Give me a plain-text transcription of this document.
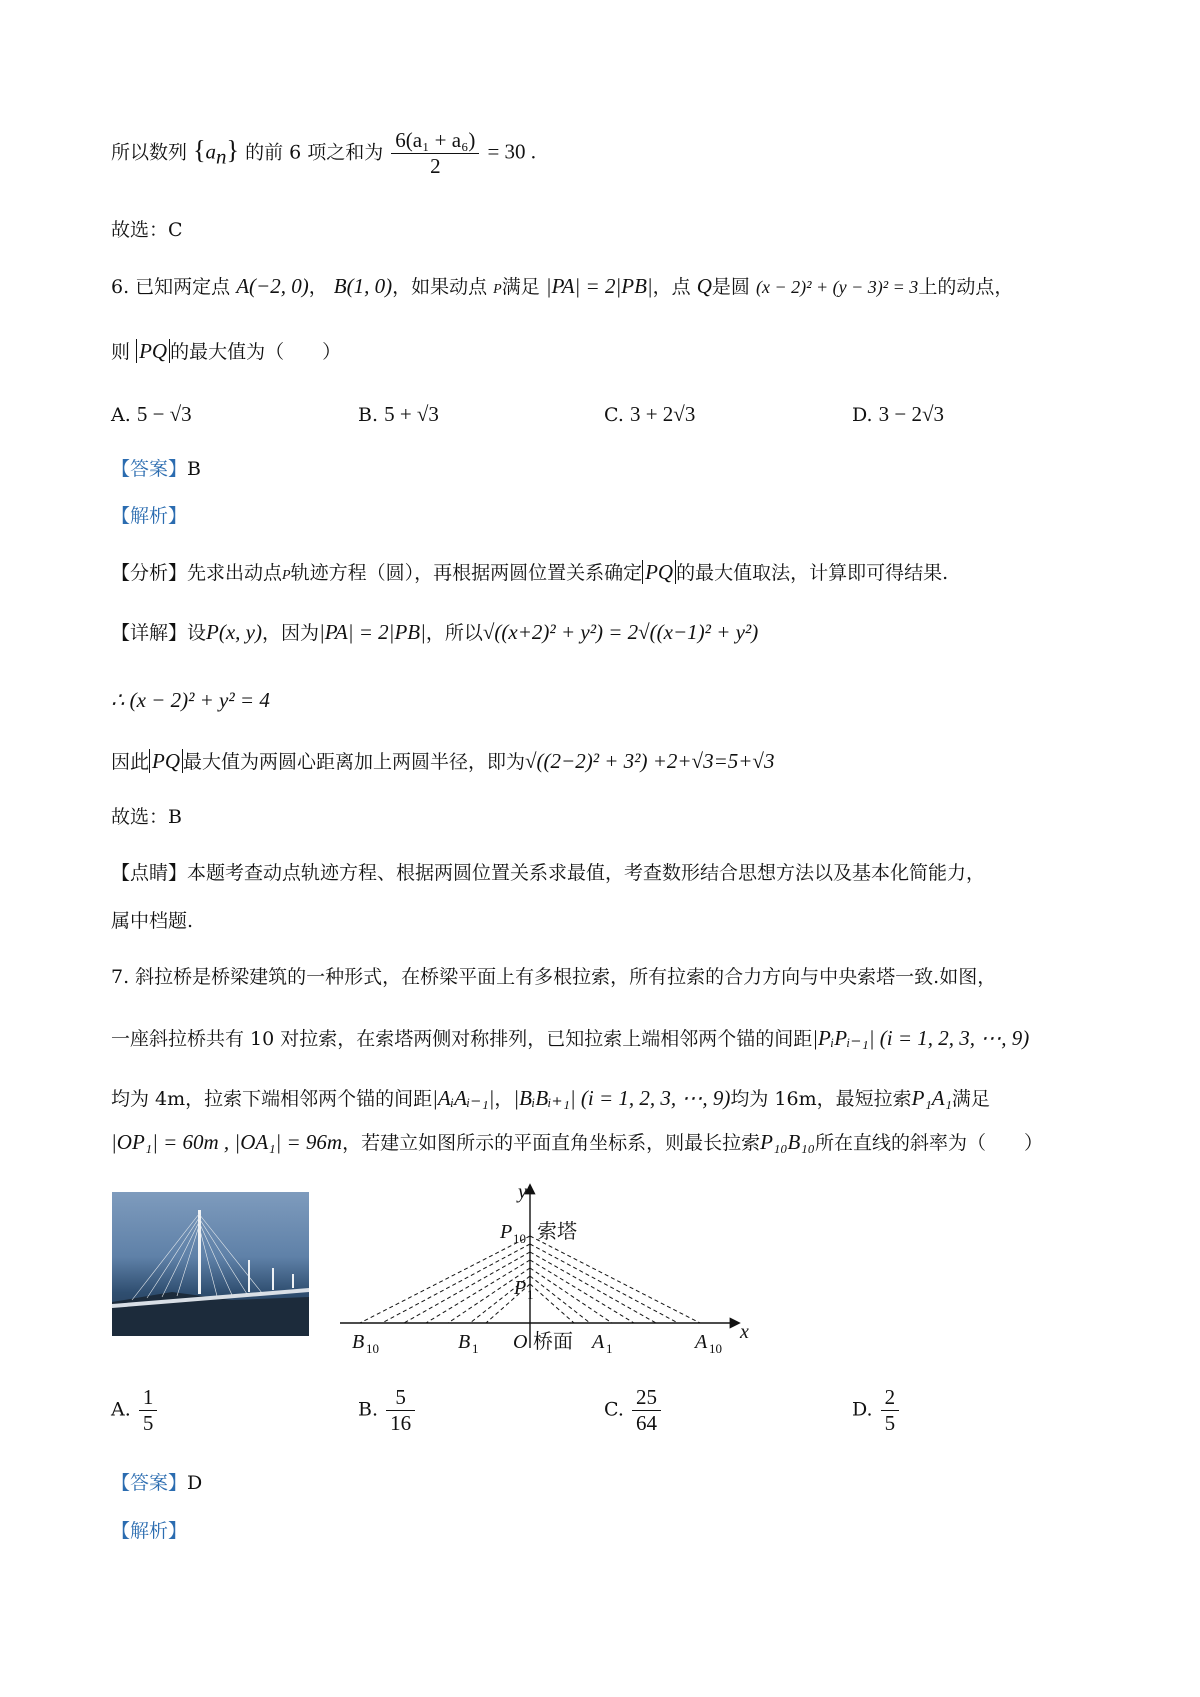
所以数列 $\{a_n\}$ 的前 6 项之和为 $\frac{\text{6(a₁ + a₆)}}{2} = 30$ .
故选：C
6. 已知两定点 A(−2, 0)， B(1, 0)，如果动点 P满足 |PA| = 2|PB|，点 Q是圆 (x − 2)² + (y − 3)² = 3上的动点，
则 PQ 的最大值为（　　）
A. 5 − √3	B. 5 + √3	C. 3 + 2√3	D. 3 − 2√3
【答案】B
【解析】
【分析】先求出动点P轨迹方程（圆），再根据两圆位置关系确定 PQ 的最大值取法，计算即可得结果.
【详解】设P(x, y)，因为|PA| = 2|PB|，所以√((x+2)² + y²) = 2√((x−1)² + y²)
∴ (x − 2)² + y² = 4
因此 PQ 最大值为两圆心距离加上两圆半径，即为√((2−2)² + 3²) +2+√3=5+√3
故选：B
【点睛】本题考查动点轨迹方程、根据两圆位置关系求最值，考查数形结合思想方法以及基本化简能力，
属中档题.
7. 斜拉桥是桥梁建筑的一种形式，在桥梁平面上有多根拉索，所有拉索的合力方向与中央索塔一致.如图，
一座斜拉桥共有 10 对拉索，在索塔两侧对称排列，已知拉索上端相邻两个锚的间距|PᵢPᵢ₋₁| (i = 1, 2, 3, ⋯, 9)
均为 4m，拉索下端相邻两个锚的间距|AᵢAᵢ₋₁|，|BᵢBᵢ₊₁| (i = 1, 2, 3, ⋯, 9)均为 16m，最短拉索P₁A₁满足
|OP₁| = 60m , |OA₁| = 96m，若建立如图所示的平面直角坐标系，则最长拉索P₁₀B₁₀所在直线的斜率为（　　）
y
x
P 10 索塔
P 1
B 10	B 1 O 桥面 A 1	A 10
A. $\frac{1}{5}$	B. $\frac{5}{16}$	C. $\frac{25}{64}$	D. $\frac{2}{5}$
【答案】D
【解析】
